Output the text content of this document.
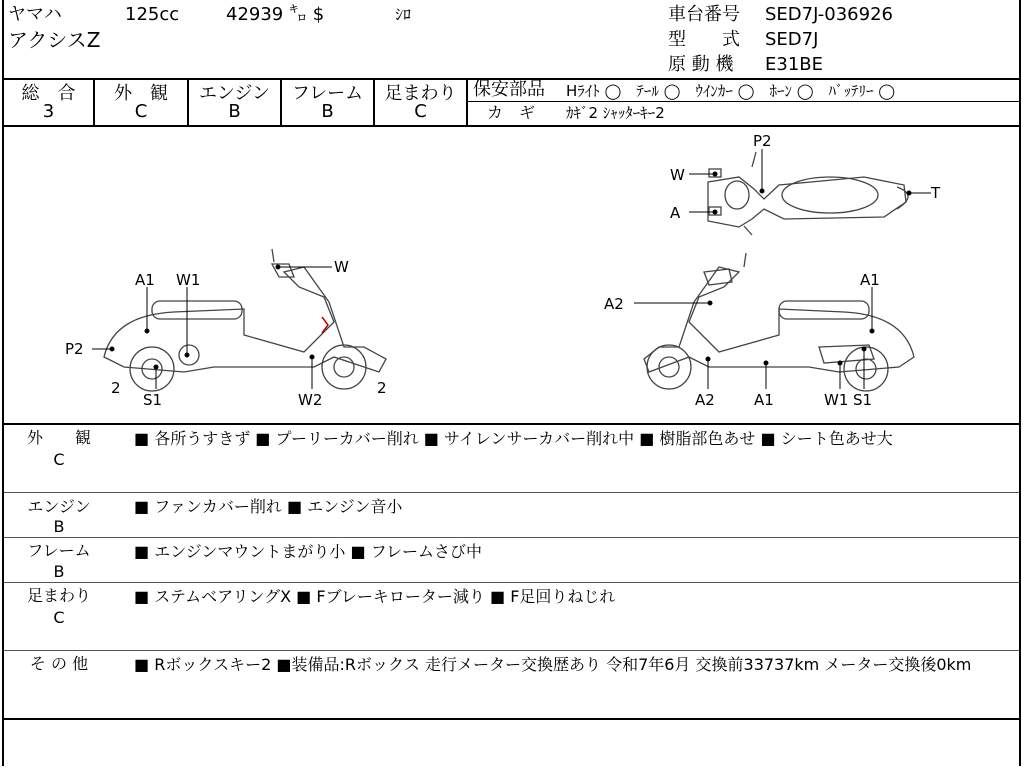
ヤマハ	125cc	42939 ㌔ $	ｼﾛ
アクシスZ
車台番号 SED7J-036926
型　　式 SED7J
原 動 機 E31BE
総　合
3
外　観
C
エンジン
B
フレーム
B
足まわり
C
保安部品 Hﾗｲﾄ ◯　ﾃｰﾙ ◯　ｳｲﾝｶｰ ◯　ﾎｰﾝ ◯　ﾊﾞｯﾃﾘｰ ◯
カ　ギ ｶｷﾞ2 ｼｬｯﾀｰｷｰ2
P2
W
A
T
A1 W1
W
P2
2
S1	W2
2
A2
A1
A2	A1	W1 S1
外　　観
C
■ 各所うすきず ■ プーリーカバー削れ ■ サイレンサーカバー削れ中 ■ 樹脂部色あせ ■ シート色あせ大
エンジン
B
■ ファンカバー削れ ■ エンジン音小
フレーム
B
■ エンジンマウントまがり小 ■ フレームさび中
足まわり
C
■ ステムベアリングX ■ Fブレーキローター減り ■ F足回りねじれ
そ の 他	■ Rボックスキー2 ■装備品:Rボックス 走行メーター交換歴あり 令和7年6月 交換前33737km メーター交換後0km
